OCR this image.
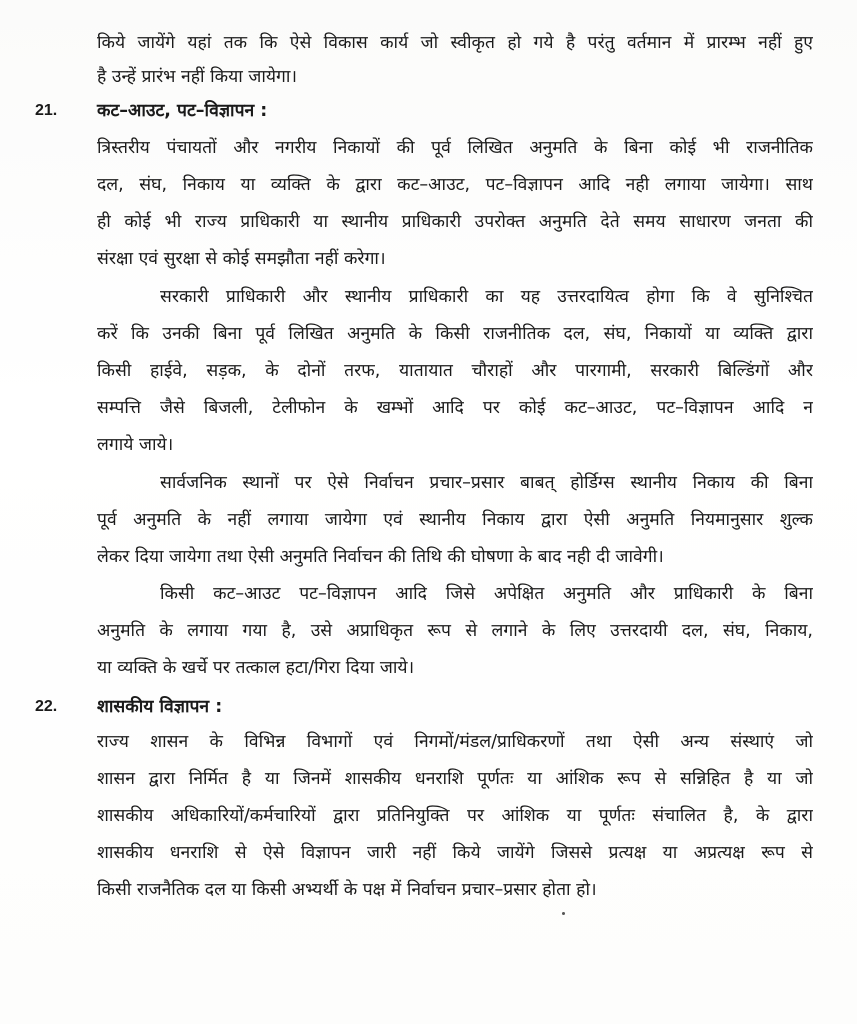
किये जायेंगे यहां तक कि ऐसे विकास कार्य जो स्वीकृत हो गये है परंतु वर्तमान में प्रारम्भ नहीं हुए
है उन्हें प्रारंभ नहीं किया जायेगा।
21. कट–आउट, पट–विज्ञापन :
त्रिस्तरीय पंचायतों और नगरीय निकायों की पूर्व लिखित अनुमति के बिना कोई भी राजनीतिक
दल, संघ, निकाय या व्यक्ति के द्वारा कट–आउट, पट–विज्ञापन आदि नही लगाया जायेगा। साथ
ही कोई भी राज्य प्राधिकारी या स्थानीय प्राधिकारी उपरोक्त अनुमति देते समय साधारण जनता की
संरक्षा एवं सुरक्षा से कोई समझौता नहीं करेगा।
सरकारी प्राधिकारी और स्थानीय प्राधिकारी का यह उत्तरदायित्व होगा कि वे सुनिश्चित
करें कि उनकी बिना पूर्व लिखित अनुमति के किसी राजनीतिक दल, संघ, निकायों या व्यक्ति द्वारा
किसी हाईवे, सड़क, के दोनों तरफ, यातायात चौराहों और पारगामी, सरकारी बिल्डिंगों और
सम्पत्ति जैसे बिजली, टेलीफोन के खम्भों आदि पर कोई कट–आउट, पट–विज्ञापन आदि न
लगाये जाये।
सार्वजनिक स्थानों पर ऐसे निर्वाचन प्रचार–प्रसार बाबत् होर्डिग्स स्थानीय निकाय की बिना
पूर्व अनुमति के नहीं लगाया जायेगा एवं स्थानीय निकाय द्वारा ऐसी अनुमति नियमानुसार शुल्क
लेकर दिया जायेगा तथा ऐसी अनुमति निर्वाचन की तिथि की घोषणा के बाद नही दी जावेगी।
किसी कट–आउट पट–विज्ञापन आदि जिसे अपेक्षित अनुमति और प्राधिकारी के बिना
अनुमति के लगाया गया है, उसे अप्राधिकृत रूप से लगाने के लिए उत्तरदायी दल, संघ, निकाय,
या व्यक्ति के खर्चे पर तत्काल हटा/गिरा दिया जाये।
22. शासकीय विज्ञापन :
राज्य शासन के विभिन्न विभागों एवं निगमों/मंडल/प्राधिकरणों तथा ऐसी अन्य संस्थाएं जो
शासन द्वारा निर्मित है या जिनमें शासकीय धनराशि पूर्णतः या आंशिक रूप से सन्निहित है या जो
शासकीय अधिकारियों/कर्मचारियों द्वारा प्रतिनियुक्ति पर आंशिक या पूर्णतः संचालित है, के द्वारा
शासकीय धनराशि से ऐसे विज्ञापन जारी नहीं किये जायेंगे जिससे प्रत्यक्ष या अप्रत्यक्ष रूप से
किसी राजनैतिक दल या किसी अभ्यर्थी के पक्ष में निर्वाचन प्रचार–प्रसार होता हो।
